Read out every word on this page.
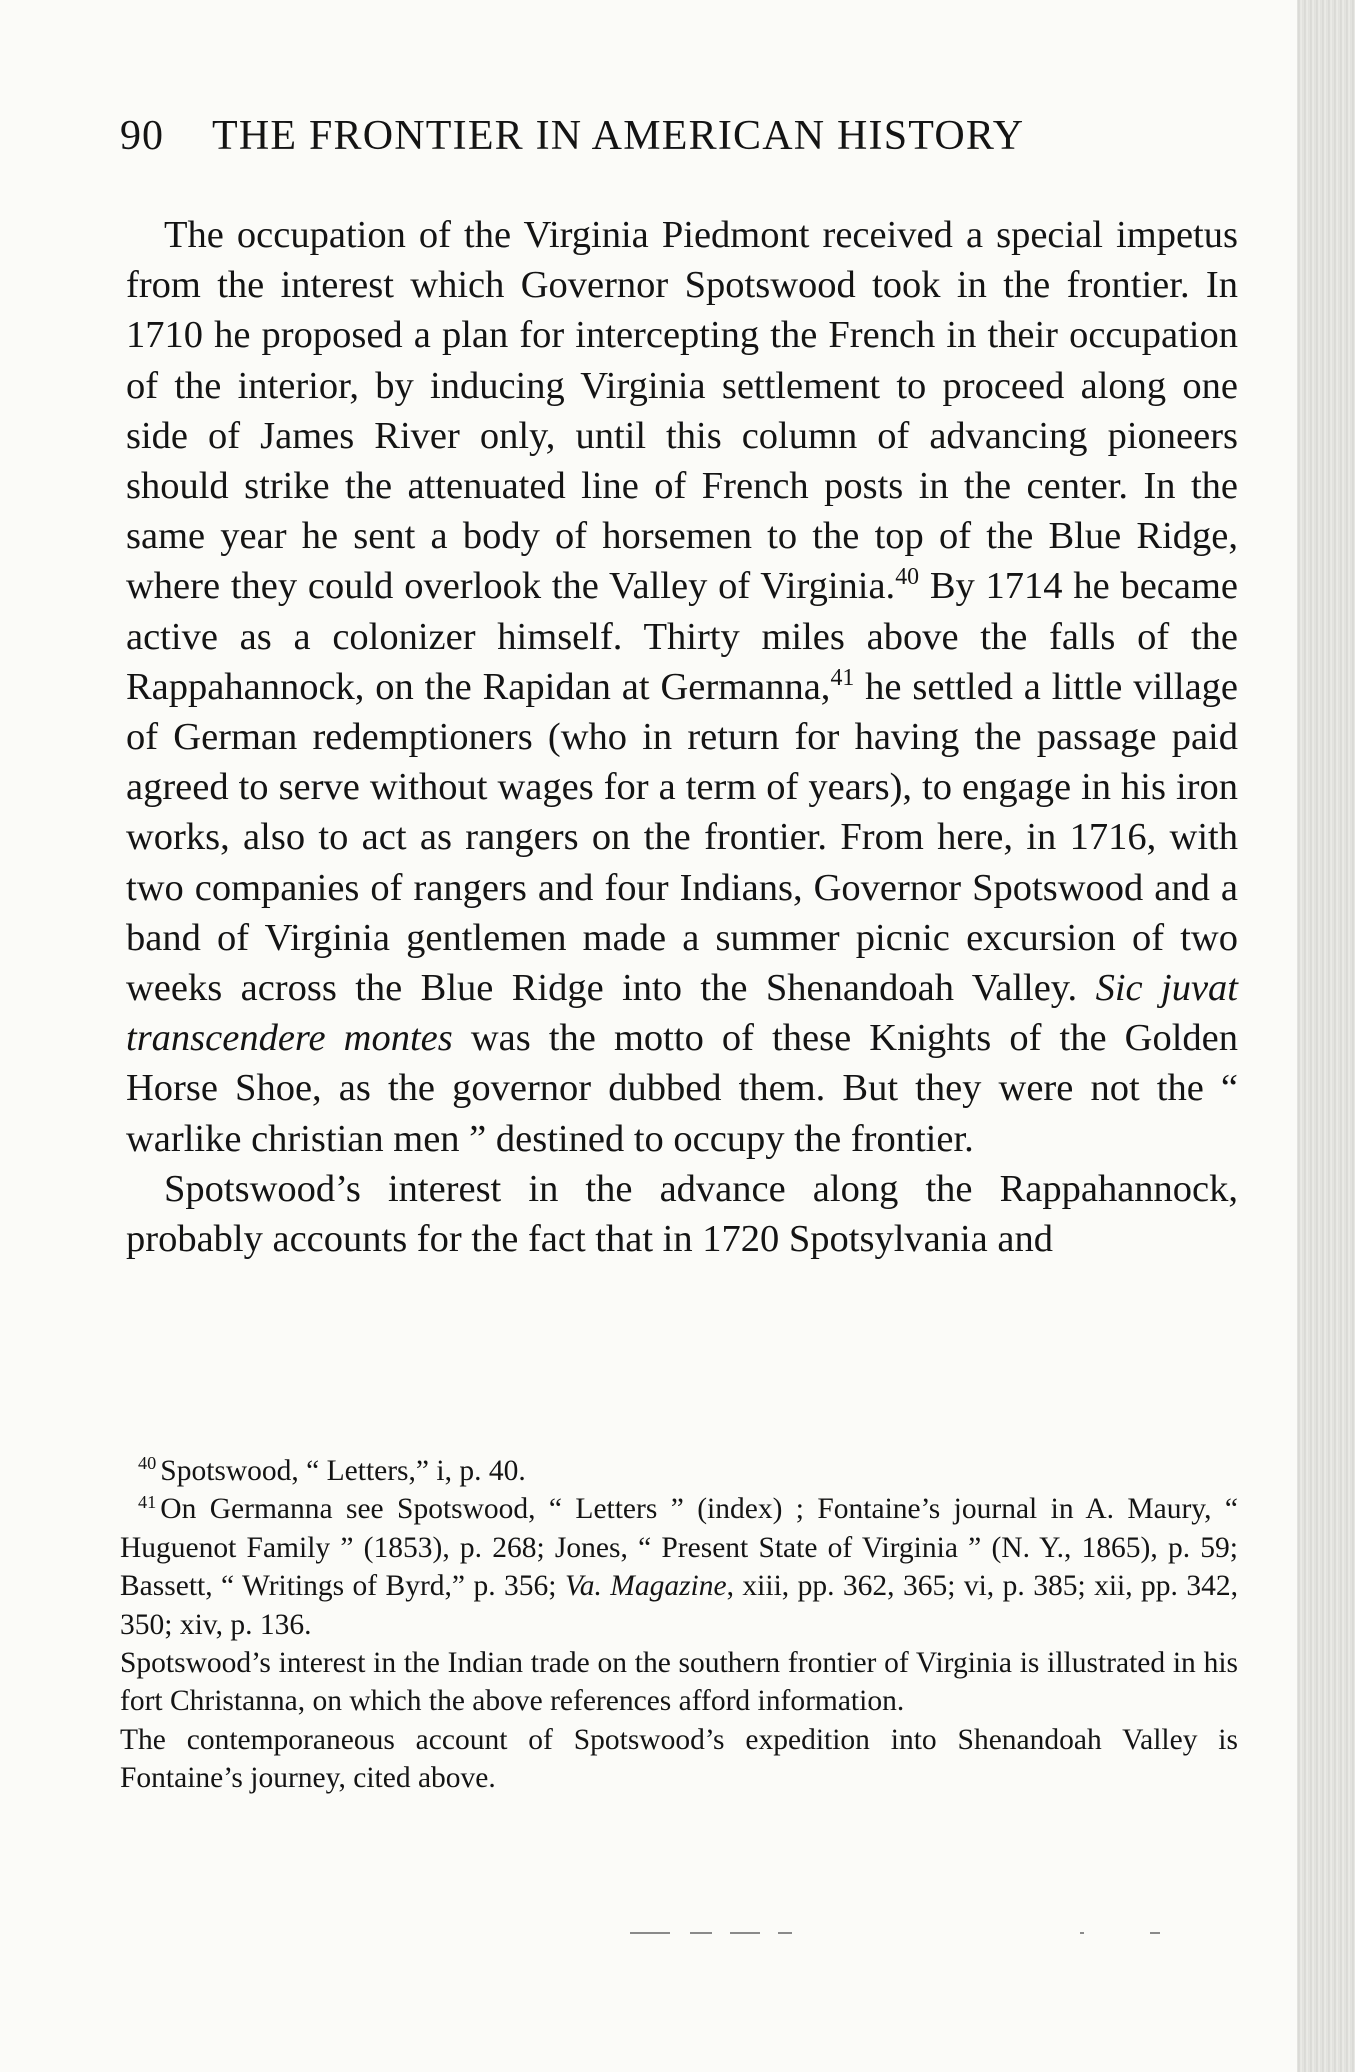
90 THE FRONTIER IN AMERICAN HISTORY

The occupation of the Virginia Piedmont received a special impetus from the interest which Governor Spotswood took in the frontier. In 1710 he proposed a plan for intercepting the French in their occupation of the interior, by inducing Virginia settlement to proceed along one side of James River only, until this column of advancing pioneers should strike the attenuated line of French posts in the center. In the same year he sent a body of horsemen to the top of the Blue Ridge, where they could overlook the Valley of Virginia.$^{40}$ By 1714 he became active as a colonizer himself. Thirty miles above the falls of the Rappahannock, on the Rapidan at Germanna,$^{41}$ he settled a little village of German redemptioners (who in return for having the passage paid agreed to serve without wages for a term of years), to engage in his iron works, also to act as rangers on the frontier. From here, in 1716, with two companies of rangers and four Indians, Governor Spotswood and a band of Virginia gentlemen made a summer picnic excursion of two weeks across the Blue Ridge into the Shenandoah Valley. Sic juvat transcendere montes was the motto of these Knights of the Golden Horse Shoe, as the governor dubbed them. But they were not the “ warlike christian men ” destined to occupy the frontier.

Spotswood’s interest in the advance along the Rappahannock, probably accounts for the fact that in 1720 Spotsylvania and

$^{40}$ Spotswood, “ Letters,” i, p. 40.

$^{41}$ On Germanna see Spotswood, “ Letters ” (index) ; Fontaine’s journal in A. Maury, “ Huguenot Family ” (1853), p. 268; Jones, “ Present State of Virginia ” (N. Y., 1865), p. 59; Bassett, “ Writings of Byrd,” p. 356; Va. Magazine, xiii, pp. 362, 365; vi, p. 385; xii, pp. 342, 350; xiv, p. 136.

Spotswood’s interest in the Indian trade on the southern frontier of Virginia is illustrated in his fort Christanna, on which the above references afford information.

The contemporaneous account of Spotswood’s expedition into Shenandoah Valley is Fontaine’s journey, cited above.
